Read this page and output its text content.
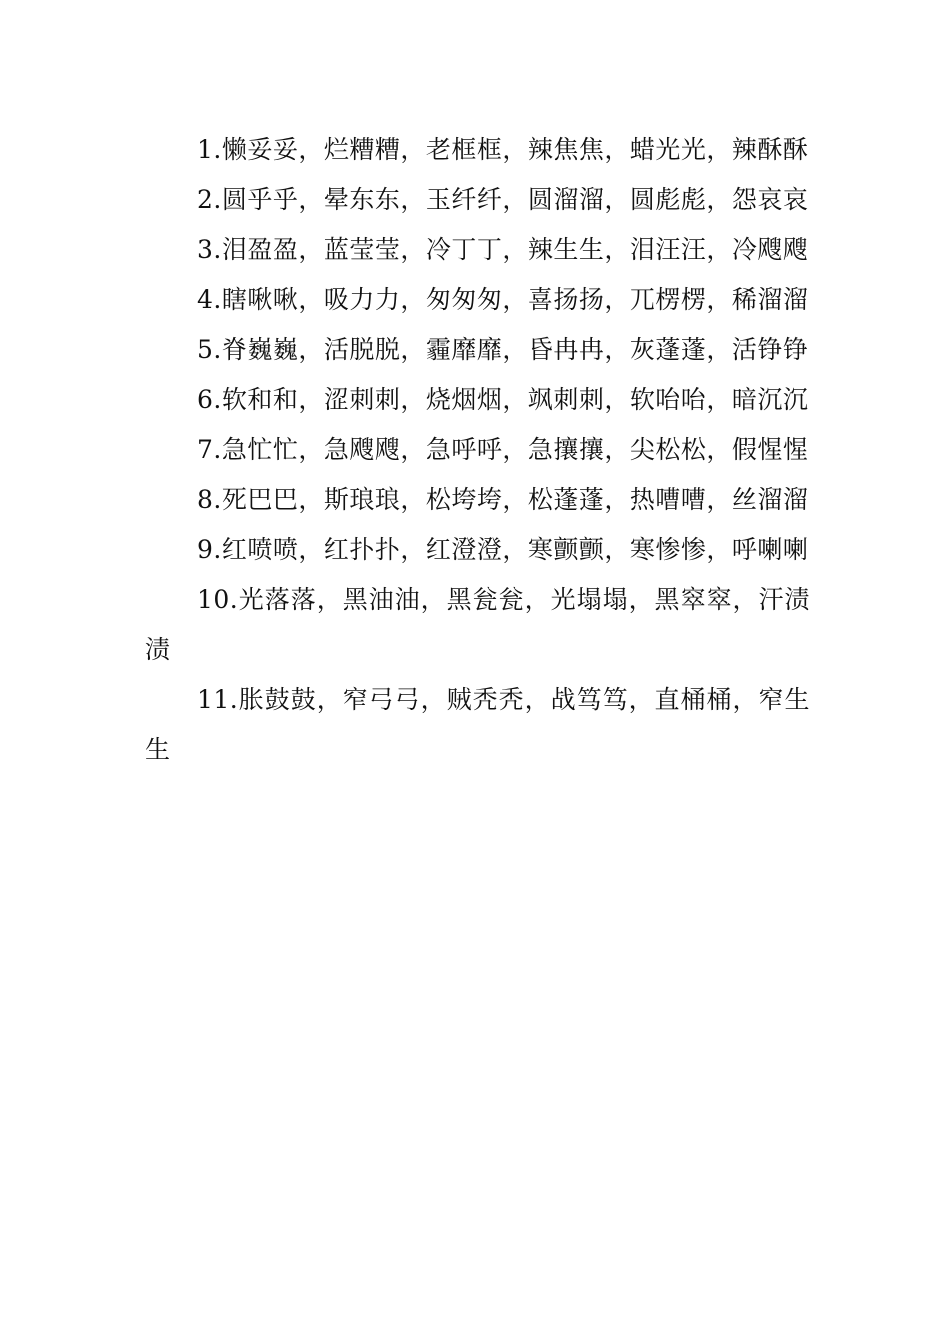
1.懒妥妥，烂糟糟，老框框，辣焦焦，蜡光光，辣酥酥

2.圆乎乎，晕东东，玉纤纤，圆溜溜，圆彪彪，怨哀哀

3.泪盈盈，蓝莹莹，冷丁丁，辣生生，泪汪汪，冷飕飕

4.瞎啾啾，吸力力，匆匆匆，喜扬扬，兀楞楞，稀溜溜

5.脊巍巍，活脱脱，霾靡靡，昏冉冉，灰蓬蓬，活铮铮

6.软和和，涩刺刺，烧烟烟，飒刺刺，软咍咍，暗沉沉

7.急忙忙，急飕飕，急呼呼，急攘攘，尖松松，假惺惺

8.死巴巴，斯琅琅，松垮垮，松蓬蓬，热嘈嘈，丝溜溜

9.红喷喷，红扑扑，红澄澄，寒颤颤，寒惨惨，呼喇喇

10.光落落，黑油油，黑瓮瓮，光塌塌，黑窣窣，汗渍渍

11.胀鼓鼓，窄弓弓，贼秃秃，战笃笃，直桶桶，窄生生
